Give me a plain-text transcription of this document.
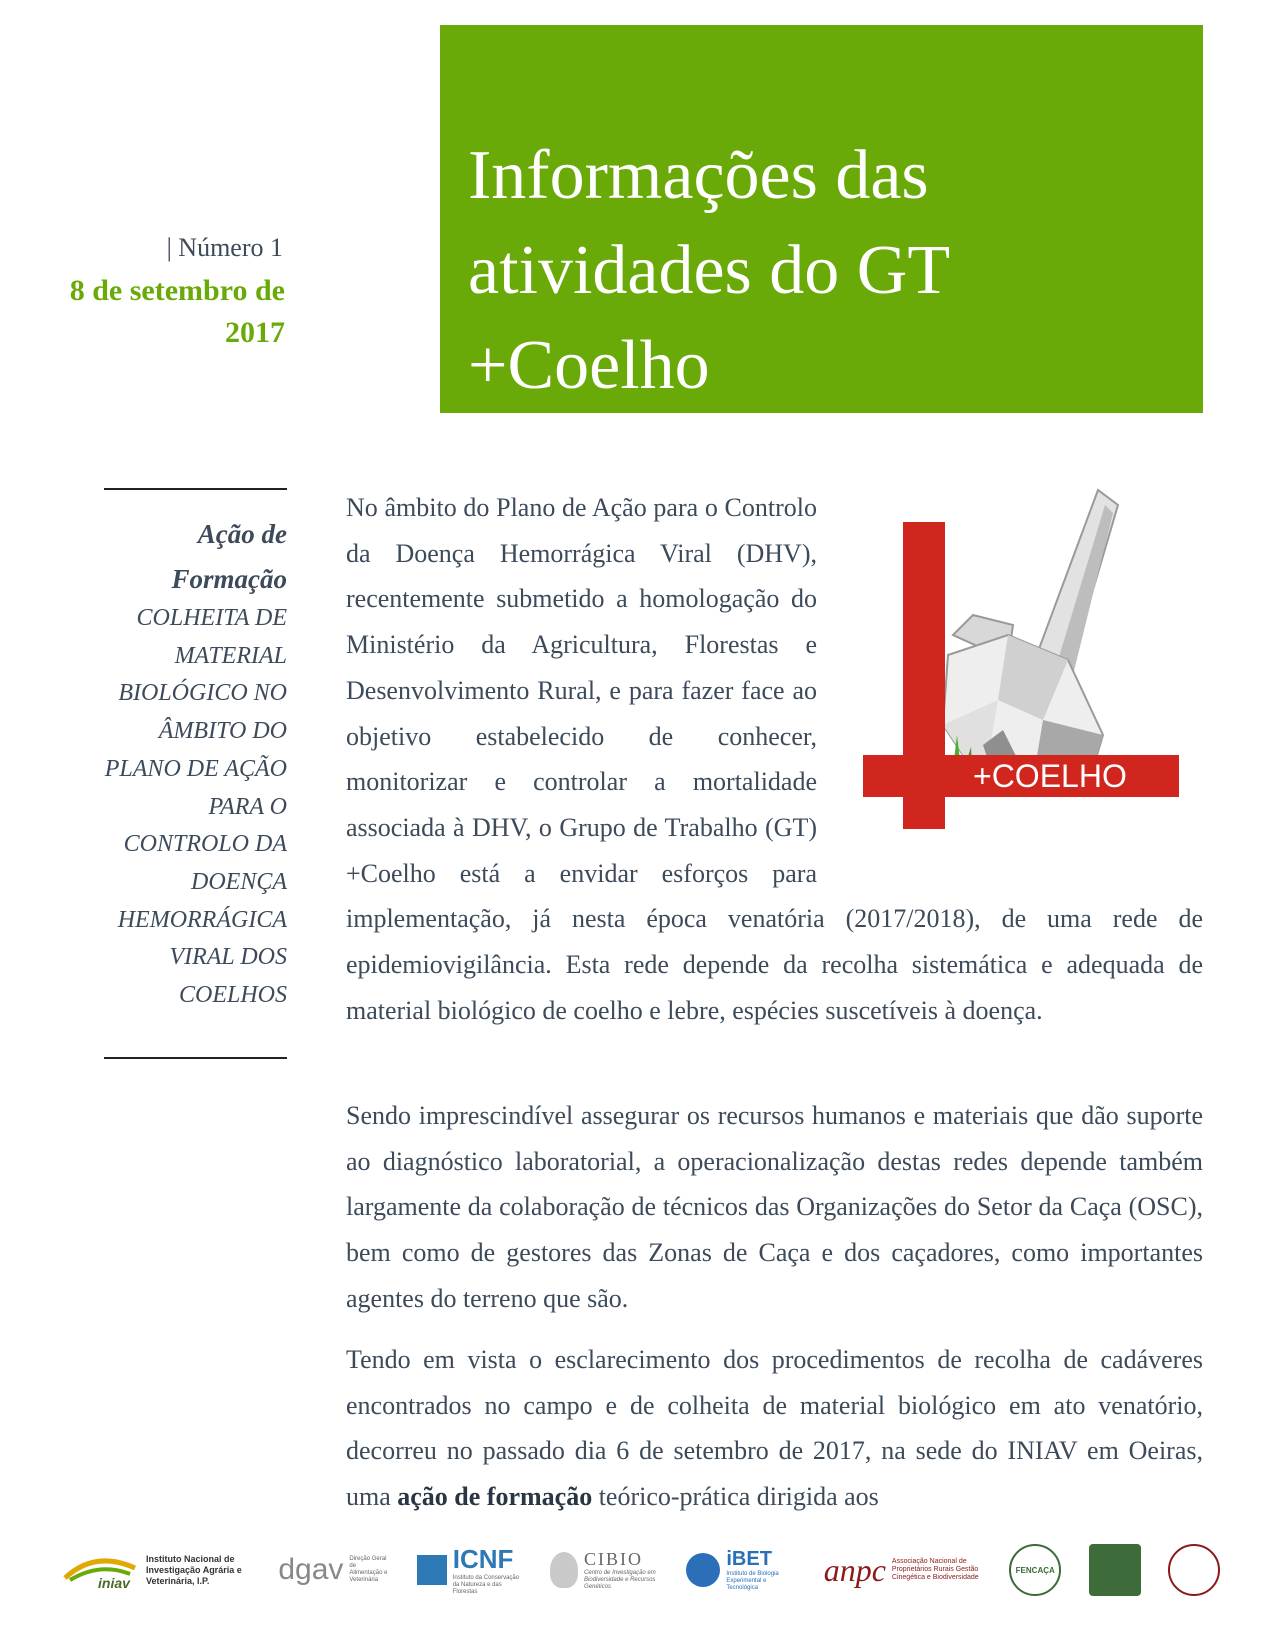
Informações das
atividades do GT
+Coelho
| Número 1
8 de setembro de 2017
Ação de Formação
COLHEITA DE MATERIAL BIOLÓGICO NO ÂMBITO DO PLANO DE AÇÃO PARA O CONTROLO DA DOENÇA HEMORRÁGICA VIRAL DOS COELHOS
+COELHO
No âmbito do Plano de Ação para o Controlo da Doença Hemorrágica Viral (DHV), recentemente submetido a homologação do Ministério da Agricultura, Florestas e Desenvolvimento Rural, e para fazer face ao objetivo estabelecido de conhecer, monitorizar e controlar a mortalidade associada à DHV, o Grupo de Trabalho (GT) +Coelho está a envidar esforços para implementação, já nesta época venatória (2017/2018), de uma rede de epidemiovigilância. Esta rede depende da recolha sistemática e adequada de material biológico de coelho e lebre, espécies suscetíveis à doença.

Sendo imprescindível assegurar os recursos humanos e materiais que dão suporte ao diagnóstico laboratorial, a operacionalização destas redes depende também largamente da colaboração de técnicos das Organizações do Setor da Caça (OSC), bem como de gestores das Zonas de Caça e dos caçadores, como importantes agentes do terreno que são.

Tendo em vista o esclarecimento dos procedimentos de recolha de cadáveres encontrados no campo e de colheita de material biológico em ato venatório, decorreu no passado dia 6 de setembro de 2017, na sede do INIAV em Oeiras, uma ação de formação teórico-prática dirigida aos

iniav
Instituto Nacional de Investigação Agrária e Veterinária, I.P.	dgav Direção Geral de Alimentação e Veterinária
ICNF
Instituto da Conservação da Natureza e das Florestas
CIBIO
Centro de Investigação em Biodiversidade e Recursos Genéticos
iBET
Instituto de Biologia Experimental e Tecnológica
anpc Associação Nacional de Proprietários Rurais Gestão Cinegética e Biodiversidade
FENCAÇA
